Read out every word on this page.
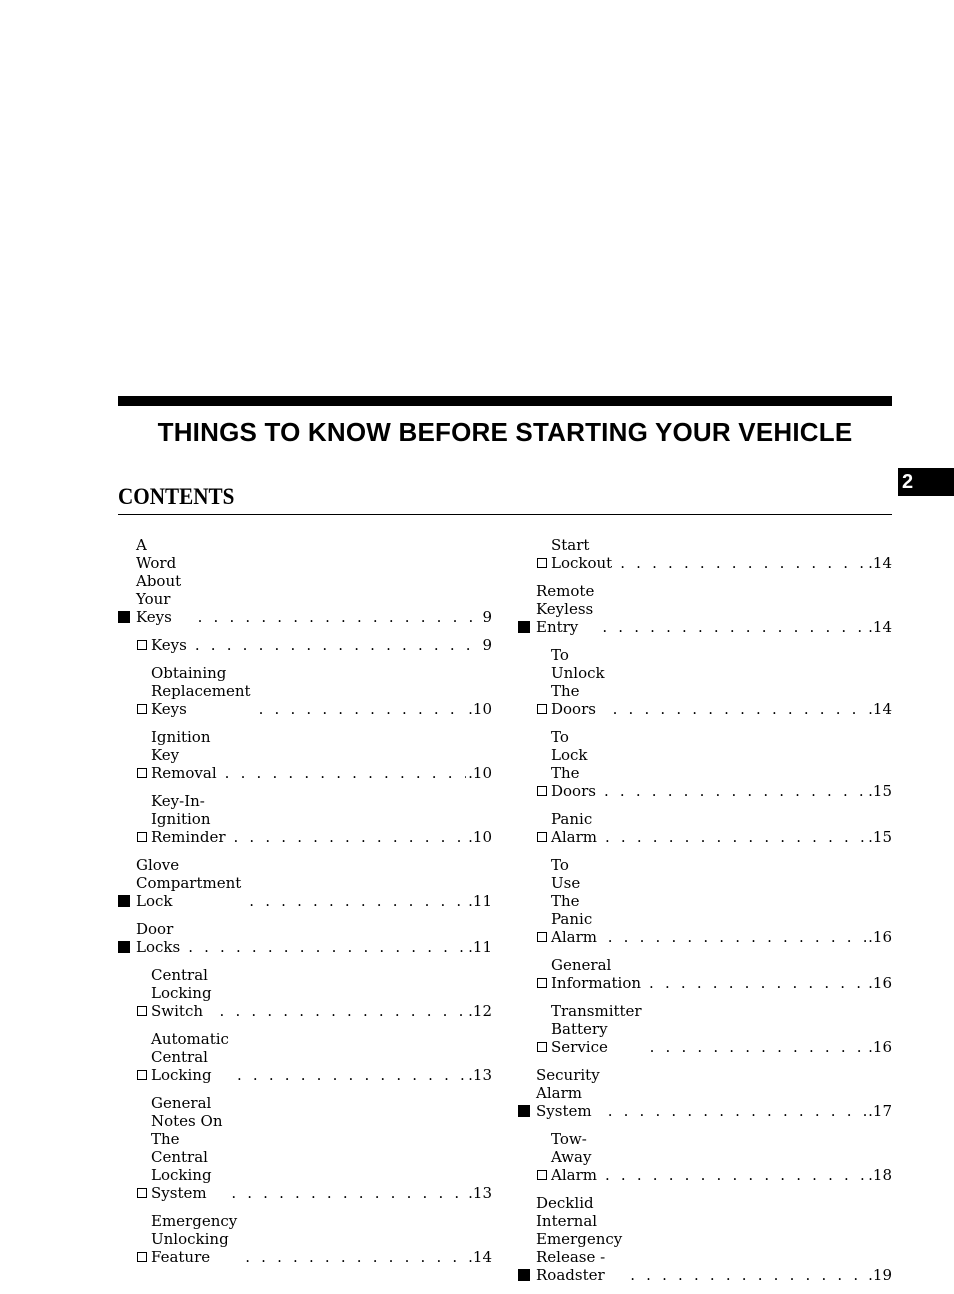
THINGS TO KNOW BEFORE STARTING YOUR VEHICLE
2
CONTENTS
A Word About Your Keys . . .	9
Keys . . .	9
Obtaining Replacement Keys . . .	.10
Ignition Key Removal . . .	.10
Key-In-Ignition Reminder . . .	.10
Glove Compartment Lock . . .	.11
Door Locks . . .	.11
Central Locking Switch . . .	.12
Automatic Central Locking . . .	.13
General Notes On The Central Locking
System . . .	.13
Emergency Unlocking Feature . . .	.14
Start Lockout . . .	.14
Remote Keyless Entry . . .	.14
To Unlock The Doors . . .	.14
To Lock The Doors . . .	.15
Panic Alarm . . .	.15
To Use The Panic Alarm . . .	.16
General Information . . .	.16
Transmitter Battery Service . . .	.16
Security Alarm System . . .	.17
Tow-Away Alarm . . .	.18
Decklid Internal Emergency
Release - Roadster . . .	.19
